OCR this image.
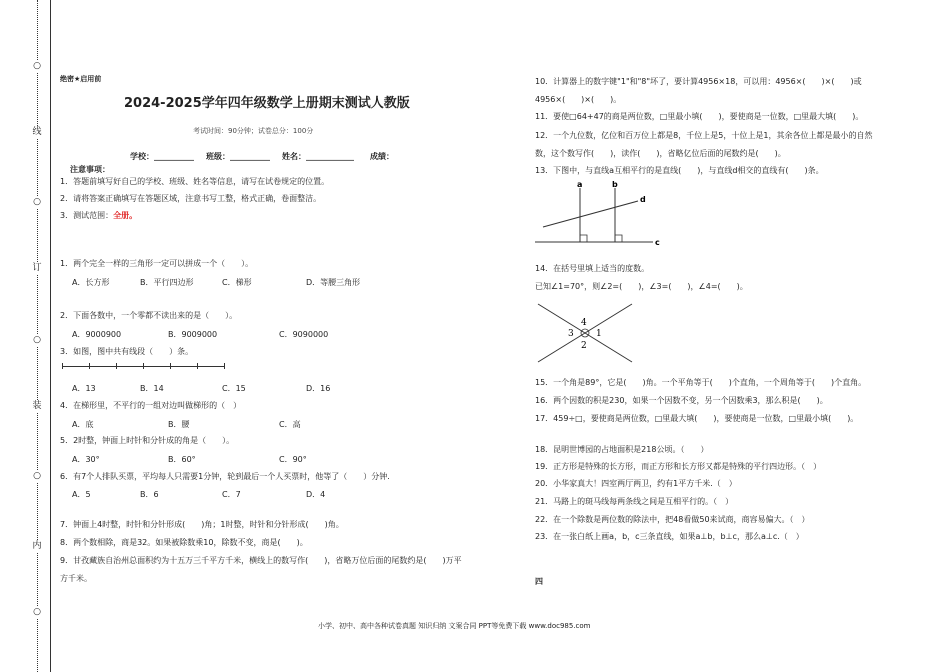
○
线
○
订
○
装
○
内
○
绝密★启用前
2024-2025学年四年级数学上册期末测试人教版
考试时间：90分钟；试卷总分：100分
学校：__________ 班级：__________ 姓名：____________ 成绩：
注意事项：
1．答题前填写好自己的学校、班级、姓名等信息，请写在试卷规定的位置。
2．请将答案正确填写在答题区域，注意书写工整，格式正确，卷面整洁。
3．测试范围：全册。
1．两个完全一样的三角形一定可以拼成一个（　　）。
A．长方形	B．平行四边形	C．梯形	D．等腰三角形
2．下面各数中，一个零都不读出来的是（　　）。
A．9000900	B．9009000	C．9090000
3．如图，图中共有线段（　　）条。
A．13	B．14	C．15	D．16
4．在梯形里，不平行的一组对边叫做梯形的（　）
A．底	B．腰	C．高
5．2时整，钟面上时针和分针成的角是（　　）。
A．30°	B．60°	C．90°
6．有7个人排队买票，平均每人只需要1分钟，轮到最后一个人买票时，他等了（　　）分钟.
A．5	B．6	C．7	D．4
7．钟面上4时整，时针和分针形成(　　)角；1时整，时针和分针形成(　　)角。
8．两个数相除，商是32。如果被除数乘10，除数不变，商是(　　)。
9．甘孜藏族自治州总面积约为十五万三千平方千米，横线上的数写作(　　)，省略万位后面的尾数约是(　　)万平
方千米。
10．计算器上的数字键"1"和"8"坏了，要计算4956×18，可以用：4956×(　　)×(　　)或
4956×(　　)×(　　)。
11．要使□64+47的商是两位数，□里最小填(　　)，要使商是一位数，□里最大填(　　)。
12．一个九位数，亿位和百万位上都是8，千位上是5，十位上是1，其余各位上都是最小的自然
数，这个数写作(　　)，读作(　　)，省略亿位后面的尾数约是(　　)。
13．下图中，与直线a互相平行的是直线(　　)，与直线d相交的直线有(　　)条。
a	b
d
c
14．在括号里填上适当的度数。
已知∠1=70°，则∠2=(　　)，∠3=(　　)，∠4=(　　)。
4
3 1
2
15．一个角是89°，它是(　　)角。一个平角等于(　　)个直角，一个周角等于(　　)个直角。
16．两个因数的积是230，如果一个因数不变，另一个因数乘3，那么积是(　　)。
17．459÷□，要使商是两位数，□里最大填(　　)，要使商是一位数，□里最小填(　　)。
18．昆明世博园的占地面积是218公顷。（　　）
19．正方形是特殊的长方形，而正方形和长方形又都是特殊的平行四边形。（　）
20．小华家真大！四室两厅两卫，约有1平方千米.（　）
21．马路上的斑马线每两条线之间是互相平行的。（　）
22．在一个除数是两位数的除法中，把48看做50来试商，商容易偏大。（　）
23．在一张白纸上画a，b，c三条直线，如果a⊥b，b⊥c，那么a⊥c.（　）
四
小学、初中、高中各种试卷真题 知识归纳 文案合同 PPT等免费下载 www.doc985.com
